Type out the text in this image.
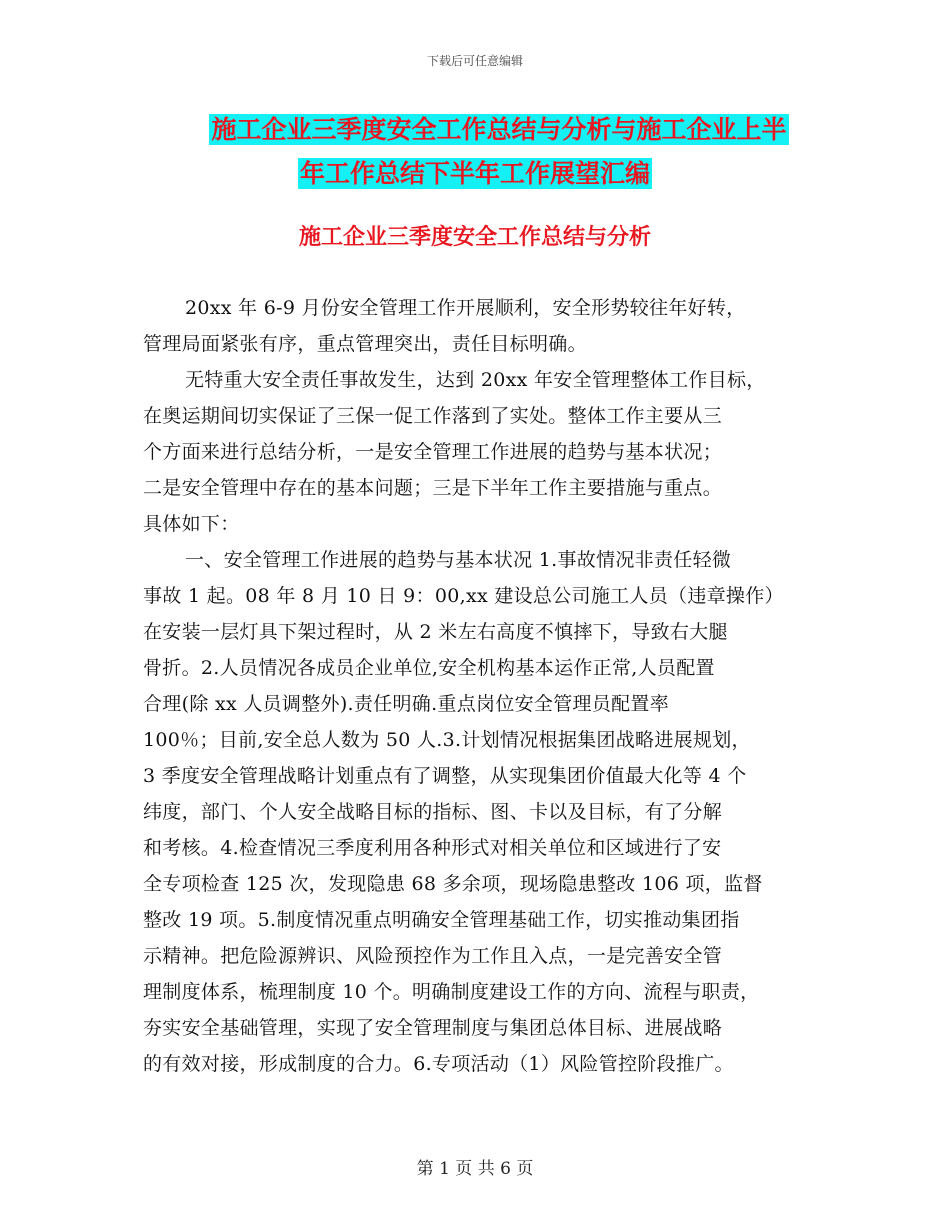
下载后可任意编辑
施工企业三季度安全工作总结与分析与施工企业上半
年工作总结下半年工作展望汇编
施工企业三季度安全工作总结与分析
20xx 年 6-9 月份安全管理工作开展顺利，安全形势较往年好转，
管理局面紧张有序，重点管理突出，责任目标明确。
无特重大安全责任事故发生，达到 20xx 年安全管理整体工作目标，
在奥运期间切实保证了三保一促工作落到了实处。整体工作主要从三
个方面来进行总结分析，一是安全管理工作进展的趋势与基本状况；
二是安全管理中存在的基本问题；三是下半年工作主要措施与重点。
具体如下：
一、安全管理工作进展的趋势与基本状况 1.事故情况非责任轻微
事故 1 起。08 年 8 月 10 日 9：00,xx 建设总公司施工人员（违章操作）
在安装一层灯具下架过程时，从 2 米左右高度不慎摔下，导致右大腿
骨折。2.人员情况各成员企业单位,安全机构基本运作正常,人员配置
合理(除 xx 人员调整外).责任明确.重点岗位安全管理员配置率
100％；目前,安全总人数为 50 人.3.计划情况根据集团战略进展规划，
3 季度安全管理战略计划重点有了调整，从实现集团价值最大化等 4 个
纬度，部门、个人安全战略目标的指标、图、卡以及目标，有了分解
和考核。4.检查情况三季度利用各种形式对相关单位和区域进行了安
全专项检查 125 次，发现隐患 68 多余项，现场隐患整改 106 项，监督
整改 19 项。5.制度情况重点明确安全管理基础工作，切实推动集团指
示精神。把危险源辨识、风险预控作为工作且入点，一是完善安全管
理制度体系，梳理制度 10 个。明确制度建设工作的方向、流程与职责，
夯实安全基础管理，实现了安全管理制度与集团总体目标、进展战略
的有效对接，形成制度的合力。6.专项活动（1）风险管控阶段推广。
第 1 页 共 6 页
